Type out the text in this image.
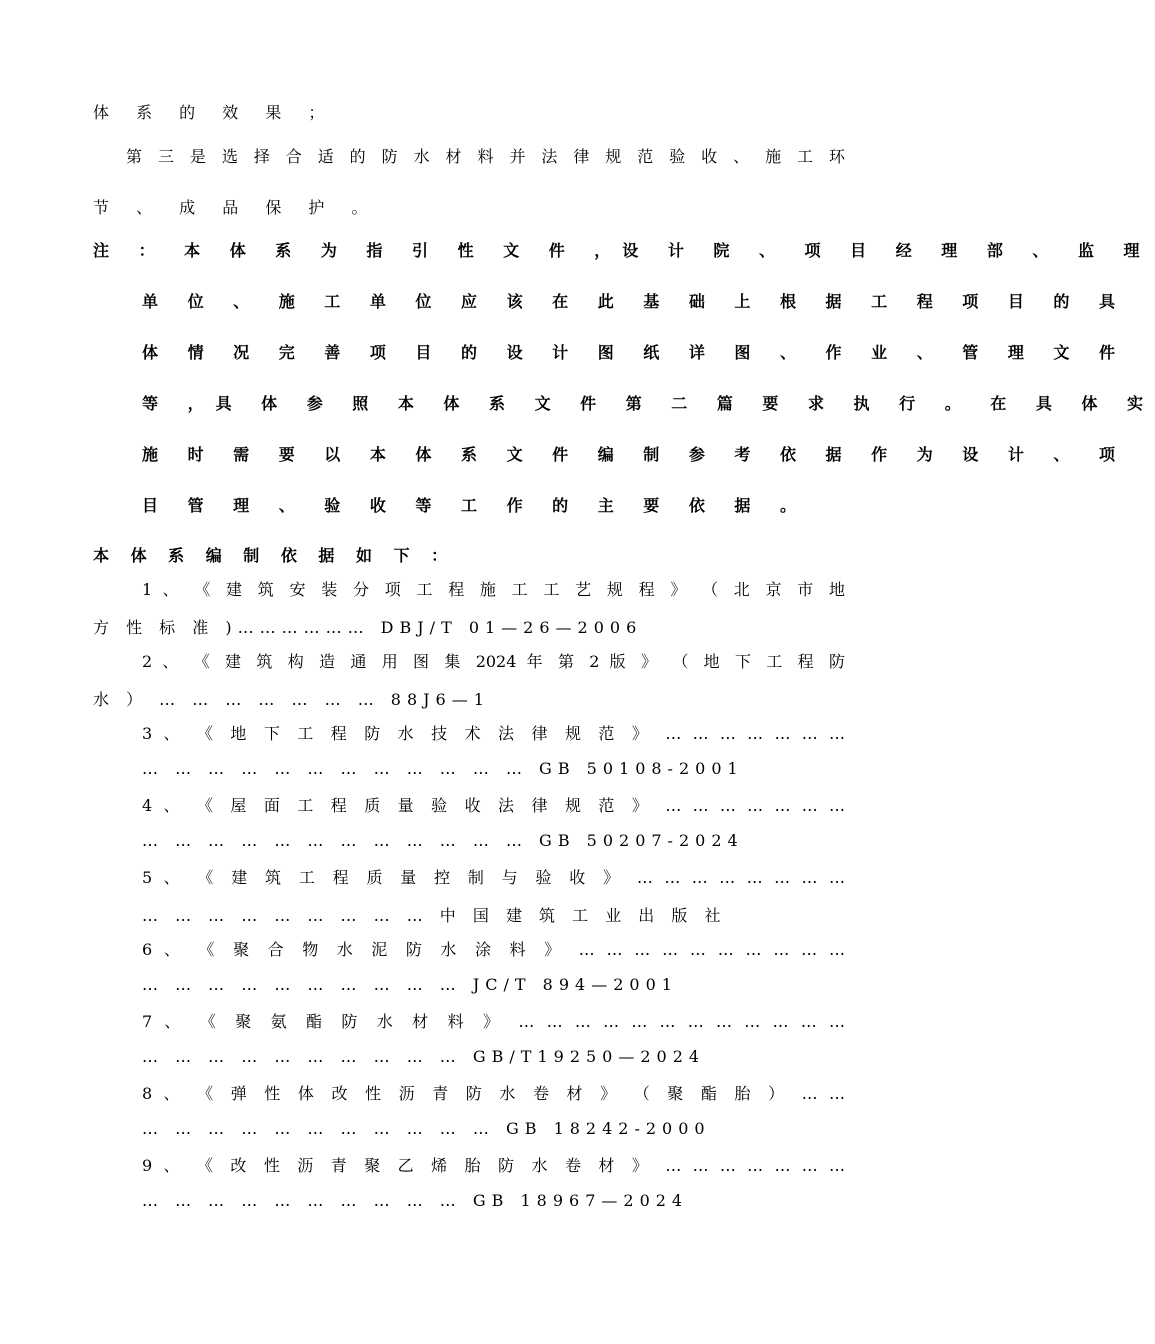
体 系 的 效 果 ；
第 三 是 选 择 合 适 的 防 水 材 料 并 法 律 规 范 验 收 、 施 工 环
节 、 成 品 保 护 。
注 ： 本 体 系 为 指 引 性 文 件 ，设 计 院 、 项 目 经 理 部 、 监 理
单 位 、 施 工 单 位 应 该 在 此 基 础 上 根 据 工 程 项 目 的 具
体 情 况 完 善 项 目 的 设 计 图 纸 详 图 、 作 业 、 管 理 文 件
等 ，具 体 参 照 本 体 系 文 件 第 二 篇 要 求 执 行 。 在 具 体 实
施 时 需 要 以 本 体 系 文 件 编 制 参 考 依 据 作 为 设 计 、 项
目 管 理 、 验 收 等 工 作 的 主 要 依 据 。
本 体 系 编 制 依 据 如 下 ：
1 、 《 建 筑 安 装 分 项 工 程 施 工 工 艺 规 程 》 （ 北 京 市 地
方 性 标 准 )……………… DBJ/T 01—26—2006
2 、 《 建 筑 构 造 通 用 图 集 2024 年 第 2 版 》 （ 地 下 工 程 防
水 ） … … … … … … … 88J6—1
3 、 《 地 下 工 程 防 水 技 术 法 律 规 范 》 … … … … … … …
… … … … … … … … … … … … GB 50108-2001
4 、 《 屋 面 工 程 质 量 验 收 法 律 规 范 》 … … … … … … …
… … … … … … … … … … … … GB 50207-2024
5 、 《 建 筑 工 程 质 量 控 制 与 验 收 》 … … … … … … … …
… … … … … … … … … 中 国 建 筑 工 业 出 版 社
6 、 《 聚 合 物 水 泥 防 水 涂 料 》 … … … … … … … … … …
… … … … … … … … … … JC/T 894—2001
7 、 《 聚 氨 酯 防 水 材 料 》 … … … … … … … … … … … …
… … … … … … … … … … GB/T19250—2024
8 、 《 弹 性 体 改 性 沥 青 防 水 卷 材 》 （ 聚 酯 胎 ） … …
… … … … … … … … … … … GB 18242-2000
9 、 《 改 性 沥 青 聚 乙 烯 胎 防 水 卷 材 》 … … … … … … …
… … … … … … … … … … GB 18967—2024
